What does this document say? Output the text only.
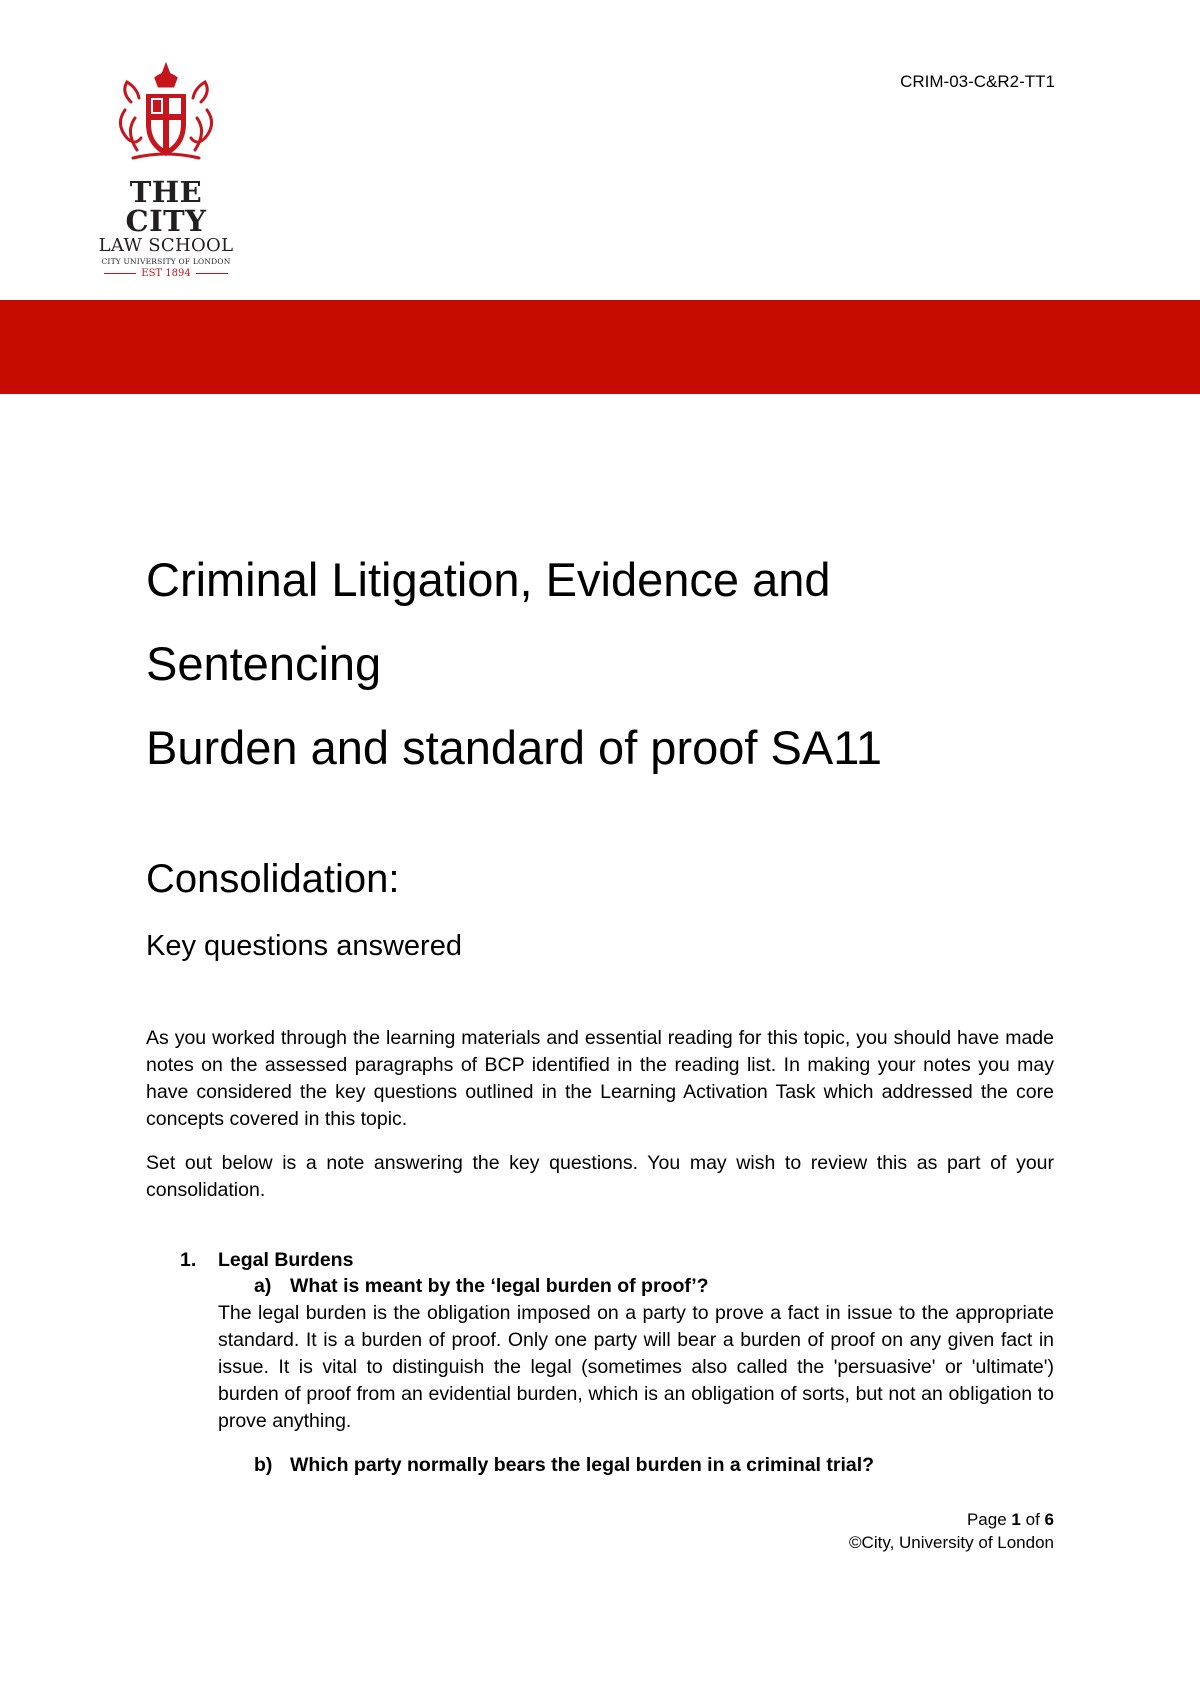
CRIM-03-C&R2-TT1
THE CITY
LAW SCHOOL
CITY UNIVERSITY OF LONDON
EST 1894
Criminal Litigation, Evidence and
Sentencing
Burden and standard of proof SA11
Consolidation:
Key questions answered
As you worked through the learning materials and essential reading for this topic, you should have made notes on the assessed paragraphs of BCP identified in the reading list. In making your notes you may have considered the key questions outlined in the Learning Activation Task which addressed the core concepts covered in this topic.
Set out below is a note answering the key questions. You may wish to review this as part of your consolidation.
1. Legal Burdens
a) What is meant by the ‘legal burden of proof’?
The legal burden is the obligation imposed on a party to prove a fact in issue to the appropriate standard. It is a burden of proof. Only one party will bear a burden of proof on any given fact in issue. It is vital to distinguish the legal (sometimes also called the 'persuasive' or 'ultimate') burden of proof from an evidential burden, which is an obligation of sorts, but not an obligation to prove anything.
b) Which party normally bears the legal burden in a criminal trial?
Page 1 of 6
©City, University of London
